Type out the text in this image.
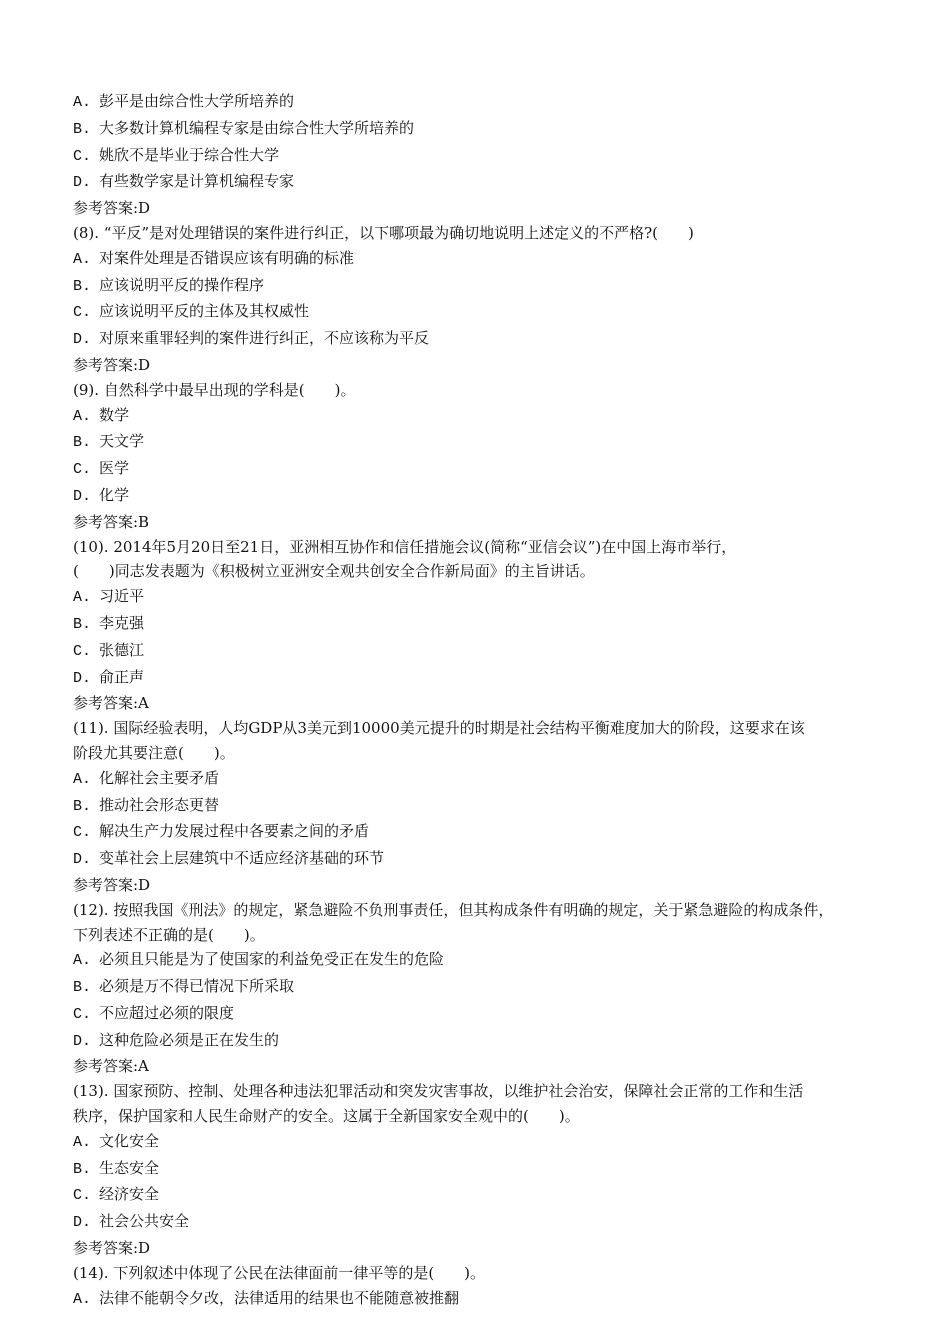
A. 彭平是由综合性大学所培养的
B. 大多数计算机编程专家是由综合性大学所培养的
C. 姚欣不是毕业于综合性大学
D. 有些数学家是计算机编程专家
参考答案:D
(8). “平反”是对处理错误的案件进行纠正，以下哪项最为确切地说明上述定义的不严格?(　　)
A. 对案件处理是否错误应该有明确的标准
B. 应该说明平反的操作程序
C. 应该说明平反的主体及其权威性
D. 对原来重罪轻判的案件进行纠正，不应该称为平反
参考答案:D
(9). 自然科学中最早出现的学科是(　　)。
A. 数学
B. 天文学
C. 医学
D. 化学
参考答案:B
(10). 2014年5月20日至21日，亚洲相互协作和信任措施会议(简称“亚信会议”)在中国上海市举行，
(　　)同志发表题为《积极树立亚洲安全观共创安全合作新局面》的主旨讲话。
A. 习近平
B. 李克强
C. 张德江
D. 俞正声
参考答案:A
(11). 国际经验表明，人均GDP从3美元到10000美元提升的时期是社会结构平衡难度加大的阶段，这要求在该
阶段尤其要注意(　　)。
A. 化解社会主要矛盾
B. 推动社会形态更替
C. 解决生产力发展过程中各要素之间的矛盾
D. 变革社会上层建筑中不适应经济基础的环节
参考答案:D
(12). 按照我国《刑法》的规定，紧急避险不负刑事责任，但其构成条件有明确的规定，关于紧急避险的构成条件，
下列表述不正确的是(　　)。
A. 必须且只能是为了使国家的利益免受正在发生的危险
B. 必须是万不得已情况下所采取
C. 不应超过必须的限度
D. 这种危险必须是正在发生的
参考答案:A
(13). 国家预防、控制、处理各种违法犯罪活动和突发灾害事故，以维护社会治安，保障社会正常的工作和生活
秩序，保护国家和人民生命财产的安全。这属于全新国家安全观中的(　　)。
A. 文化安全
B. 生态安全
C. 经济安全
D. 社会公共安全
参考答案:D
(14). 下列叙述中体现了公民在法律面前一律平等的是(　　)。
A. 法律不能朝令夕改，法律适用的结果也不能随意被推翻
